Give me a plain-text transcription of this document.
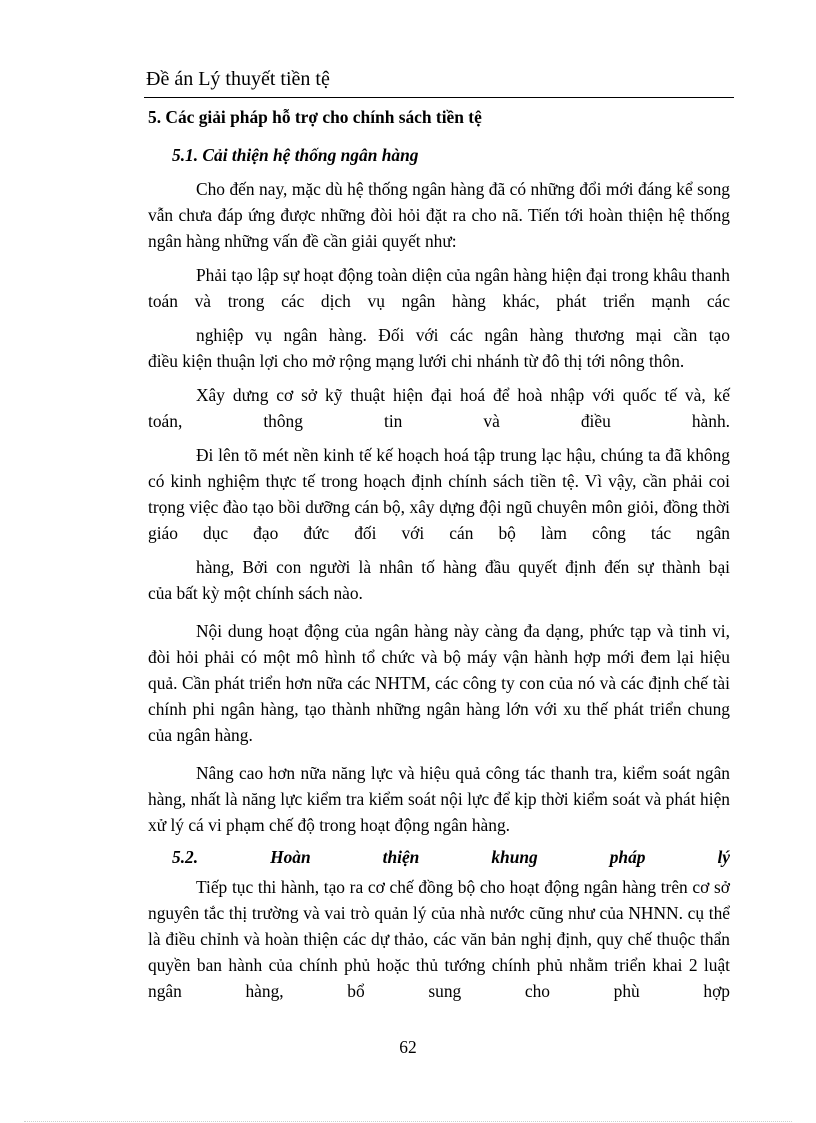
Đề án Lý thuyết tiền tệ
5. Các giải pháp hỗ trợ cho chính sách tiền tệ
5.1. Cải thiện hệ thống ngân hàng

Cho đến nay, mặc dù hệ thống ngân hàng đã có những đổi mới đáng kể song vẫn chưa đáp ứng được những đòi hỏi đặt ra cho nã. Tiến tới hoàn thiện hệ thống ngân hàng những vấn đề cần giải quyết như:

Phải tạo lập sự hoạt động toàn diện của ngân hàng hiện đại trong khâu thanh toán và trong các dịch vụ ngân hàng khác, phát triển mạnh các

nghiệp vụ ngân hàng. Đối với các ngân hàng thương mại cần tạo

điều kiện thuận lợi cho mở rộng mạng lưới chi nhánh từ đô thị tới nông thôn.

Xây dưng cơ sở kỹ thuật hiện đại hoá để hoà nhập với quốc tế và, kế

toán, thông tin và điều hành.

Đi lên tõ mét nền kinh tế kế hoạch hoá tập trung lạc hậu, chúng ta đã không có kinh nghiệm thực tế trong hoạch định chính sách tiền tệ. Vì vậy, cần phải coi trọng việc đào tạo bồi dưỡng cán bộ, xây dựng đội ngũ chuyên môn giỏi, đồng thời giáo dục đạo đức đối với cán bộ làm công tác ngân

hàng, Bởi con người là nhân tố hàng đầu quyết định đến sự thành bại

của bất kỳ một chính sách nào.

Nội dung hoạt động của ngân hàng này càng đa dạng, phức tạp và tinh vi, đòi hỏi phải có một mô hình tổ chức và bộ máy vận hành hợp mới đem lại hiệu quả. Cần phát triển hơn nữa các NHTM, các công ty con của nó và các định chế tài chính phi ngân hàng, tạo thành những ngân hàng lớn với xu thế phát triển chung của ngân hàng.

Nâng cao hơn nữa năng lực và hiệu quả công tác thanh tra, kiểm soát ngân hàng, nhất là năng lực kiểm tra kiểm soát nội lực để kịp thời kiểm soát và phát hiện xử lý cá vi phạm chế độ trong hoạt động ngân hàng.

5.2.	Hoàn	thiện	khung	pháp	lý

Tiếp tục thi hành, tạo ra cơ chế đồng bộ cho hoạt động ngân hàng trên cơ sở nguyên tắc thị trường và vai trò quản lý của nhà nước cũng như của NHNN. cụ thể là điều chỉnh và hoàn thiện các dự thảo, các văn bản nghị định, quy chế thuộc thẩn quyền ban hành của chính phủ hoặc thủ tướng chính phủ nhằm triển khai 2 luật ngân hàng, bổ sung cho phù hợp

62
